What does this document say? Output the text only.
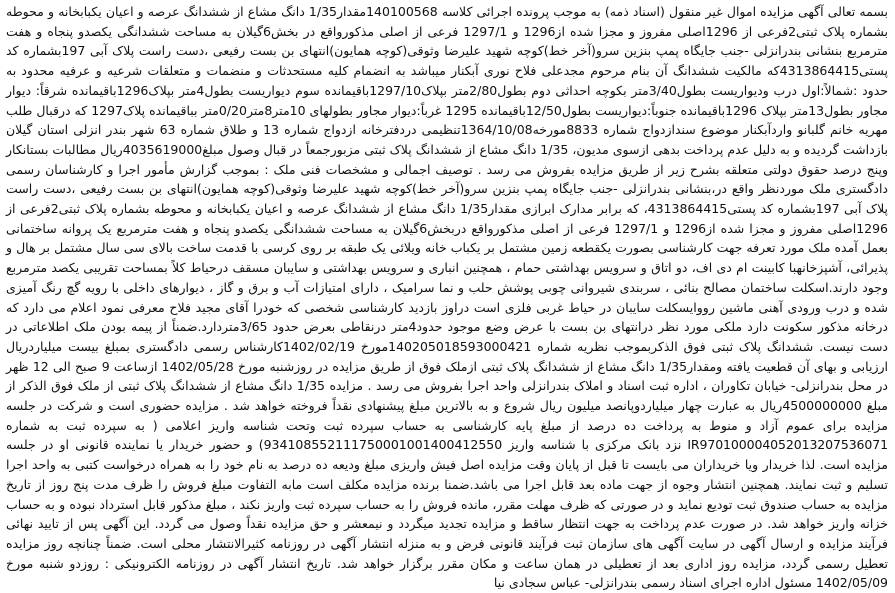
بسمه تعالی آگهی مزایده اموال غیر منقول (اسناد ذمه) به موجب پرونده اجرائی کلاسه 140100568مقدار1/35 دانگ مشاع از ششدانگ عرصه و اعیان یکبابخانه و محوطه بشماره پلاک ثبتی2فرعی از 1296اصلی مفروز و مجزا شده از1296 و 1297/1 فرعی از اصلی مذکورواقع در بخش6گیلان به مساحت ششدانگی یکصدو پنجاه و هفت مترمربع بنشانی بندرانزلی -جنب جایگاه پمپ بنزین سرو(آخر خط)کوچه شهید علیرضا وثوقی(کوچه همایون)انتهای بن بست رفیعی ،دست راست پلاک آبی 197بشماره کد پستی4313864415که مالکیت ششدانگ آن بنام مرحوم مجدعلی فلاح نوری آبکنار میباشد به انضمام کلیه مستحدثات و منضمات و متعلقات شرعیه و عرفیه محدود به حدود :شمالاً:اول درب وديواريست بطول3/40متر بکوچه احداثی دوم بطول2/80متر بپلاک1297/10باقیمانده سوم دیواریست بطول4متر بپلاک1296باقیمانده شرقاً: دیوار مجاور بطول13متر بپلاک 1296باقیمانده جنوباً:دیواریست بطول12/50باقیمانده 1295 غرباً:دیوار مجاور بطولهای 10متر8متر0/20متر بباقیمانده پلاک1297 که درقبال طلب مهریه خانم گلبانو واردآبکنار موضوع سندازدواج شماره 8833مورخه1364/10/08تنظیمی دردفترخانه ازدواج شماره 13 و طلاق شماره 63 شهر بندر انزلی استان گیلان بازداشت گردیده و به دلیل عدم پرداخت بدهی ازسوی مدیون، 1/35 دانگ مشاع از ششدانگ پلاک ثبتی مزبورجمعاً در قبال وصول مبلغ4035619000ریال مطالبات بستانکار وپنج درصد حقوق دولتی متعلقه بشرح زیر از طریق مزایده بفروش می رسد . توصیف اجمالی و مشخصات فنی ملک : بموجب گزارش مأمور اجرا و کارشناسان رسمی دادگستری ملک موردنظر واقع در،بنشانی بندرانزلی -جنب جایگاه پمپ بنزین سرو(آخر خط)کوچه شهید علیرضا وثوقی(کوچه همایون)انتهای بن بست رفیعی ،دست راست پلاک آبی 197بشماره کد پستی4313864415، که برابر مدارک ابرازی مقدار1/35 دانگ مشاع از ششدانگ عرصه و اعیان یکبابخانه و محوطه بشماره پلاک ثبتی2فرعی از 1296اصلی مفروز و مجزا شده از1296 و 1297/1 فرعی از اصلی مذکورواقع دربخش6گیلان به مساحت ششدانگی یکصدو پنجاه و هفت مترمربع یک پروانه ساختمانی بعمل آمده ملک مورد تعرفه جهت کارشناسی بصورت یکقطعه زمین مشتمل بر یکباب خانه ویلائی یک طبقه بر روی کرسی با قدمت ساخت بالای سی سال مشتمل بر هال و پذیرائی، آشپزخانهبا کابینت ام دی اف، دو اتاق و سرویس بهداشتی حمام ، همچنین انباری و سرویس بهداشتی و سایبان مسقف درحیاط کلاً بمساحت تقریبی یکصد مترمربع وجود دارند.اسکلت ساختمان مصالح بنائی ، سربندی شیروانی چوبی پوشش حلب و نما سرامیک ، دارای امتیازات آب و برق و گاز ، دیوارهای داخلی با رویه گچ رنگ آمیزی شده و درب ورودی آهنی ماشین رووایسکلت سایبان در حیاط غربی فلزی است دراوز بازدید کارشناسی شخصی که خودرا آقای مجید فلاح معرفی نمود اعلام می دارد که درخانه مذکور سکونت دارد ملکی مورد نظر درانتهای بن بست با عرض وضع موجود حدود4متر درنقاطی بعرض حدود 3/65متردارد.ضمناً از پیمه بودن ملک اطلاعاتی در دست نیست. ششدانگ پلاک ثبتی فوق الذکربموجب نظریه شماره 140205018593000421مورخ 1402/02/19کارشناس رسمی دادگستری بمبلغ بیست میلیاردریال ارزیابی و بهای آن قطعیت یافته ومقدار1/35 دانگ مشاع از ششدانگ پلاک ثبتی ازملک فوق از طریق مزایده در روزشنبه مورخ 1402/05/28 ازساعت 9 صبح الی 12 ظهر در محل بندرانزلی- خیابان تکاوران ، اداره ثبت اسناد و املاک بندرانزلی واحد اجرا بفروش می رسد . مزایده 1/35 دانگ مشاع از ششدانگ پلاک ثبتی از ملک فوق الذکر از مبلغ 4500000000ریال به عبارت چهار میلیاردوپانصد میلیون ریال شروع و به بالاترین مبلغ پیشنهادی نقداً فروخته خواهد شد . مزایده حضوری است و شرکت در جلسه مزایده برای عموم آزاد و منوط به پرداخت ده درصد از مبلغ پایه کارشناسی به حساب سپرده ثبت وتحت شناسه واریز اعلامی ( به سپرده ثبت به شماره IR970100004052013207536071 نزد بانک مرکزی با شناسه واریز 934108552111750001001400412550) و حضور خریدار یا نماینده قانونی او در جلسه مزایده است. لذا خریدار ویا خریداران می بایست تا قبل از پایان وقت مزایده اصل فیش واریزی مبلغ ودیعه ده درصد به نام خود را به همراه درخواست کتبی به واحد اجرا تسلیم و ثبت نمایند. همچنین انتشار وجوه از جهت ماده بعد قابل اجرا می باشد.ضمنا برنده مزایده مکلف است مابه التفاوت مبلغ فروش را ظرف مدت پنج روز از تاریخ مزایده به حساب صندوق ثبت تودیع نماید و در صورتی که ظرف مهلت مقرر، مانده فروش را به حساب سپرده ثبت واریز نکند ، مبلغ مذکور قابل استرداد نبوده و به حساب خزانه واریز خواهد شد. در صورت عدم پرداخت به جهت انتظار ساقط و مزایده تجدید میگردد و نیمعشر و حق مزایده نقداً وصول می گردد. این آگهی پس از تایید نهائی فرآیند مزایده و ارسال آگهی در سایت آگهی های سازمان ثبت فرآیند قانونی فرض و به منزله انتشار آگهی در روزنامه کثیرالانتشار محلی است. ضمناً چنانچه روز مزایده تعطیل رسمی گردد، مزایده روز اداری بعد از تعطیلی در همان ساعت و مکان مقرر برگزار خواهد شد. تاریخ انتشار آگهی در روزنامه الکترونیکی : روزدو شنبه مورخ 1402/05/09 مسئول اداره اجرای اسناد رسمی بندرانزلی- عباس سجادی نیا
